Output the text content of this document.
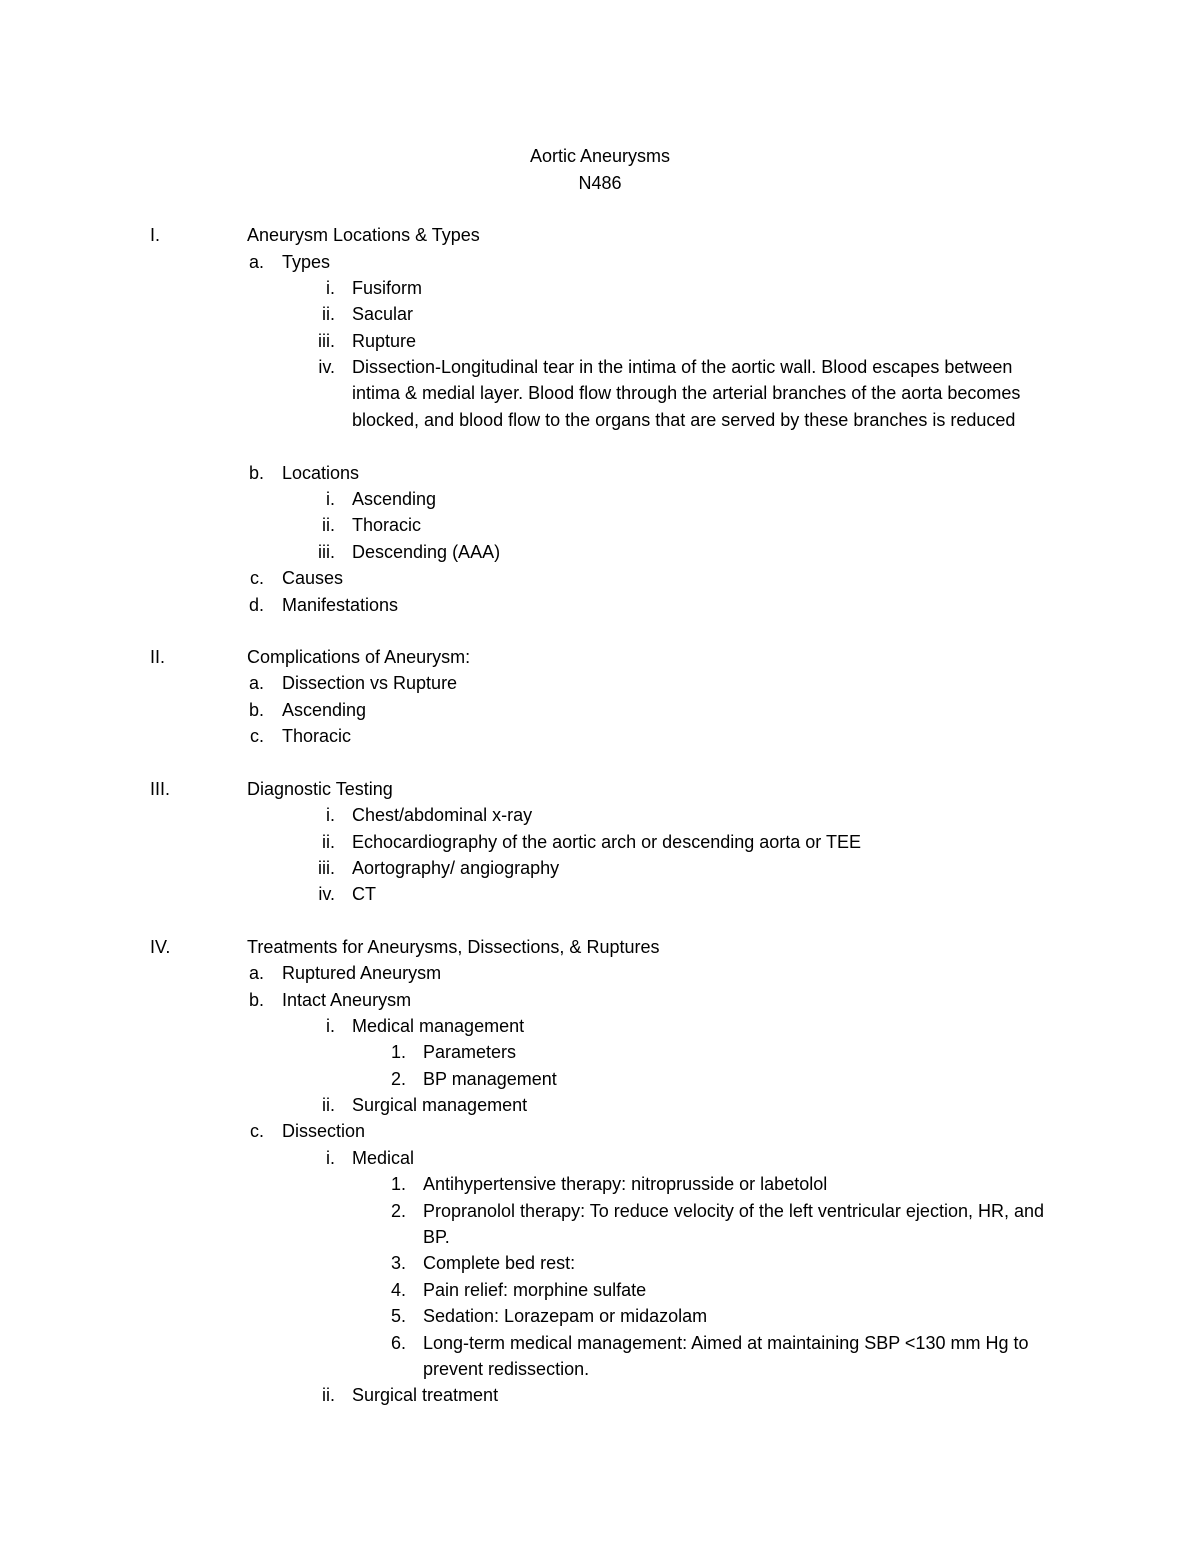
Aortic Aneurysms
N486
I.	Aneurysm Locations & Types
a. Types
i. Fusiform
ii. Sacular
iii. Rupture
iv. Dissection-Longitudinal tear in the intima of the aortic wall. Blood escapes between intima & medial layer. Blood flow through the arterial branches of the aorta becomes blocked, and blood flow to the organs that are served by these branches is reduced
b. Locations
i. Ascending
ii. Thoracic
iii. Descending (AAA)
c. Causes
d. Manifestations
II.	Complications of Aneurysm:
a. Dissection vs Rupture
b. Ascending
c. Thoracic
III.	Diagnostic Testing
i. Chest/abdominal x-ray
ii. Echocardiography of the aortic arch or descending aorta or TEE
iii. Aortography/ angiography
iv. CT
IV.	Treatments for Aneurysms, Dissections, & Ruptures
a. Ruptured Aneurysm
b. Intact Aneurysm
i. Medical management
1. Parameters
2. BP management
ii. Surgical management
c. Dissection
i. Medical
1. Antihypertensive therapy: nitroprusside or labetolol
2. Propranolol therapy: To reduce velocity of the left ventricular ejection, HR, and BP.
3. Complete bed rest:
4. Pain relief: morphine sulfate
5. Sedation: Lorazepam or midazolam
6. Long-term medical management: Aimed at maintaining SBP <130 mm Hg to prevent redissection.
ii. Surgical treatment
